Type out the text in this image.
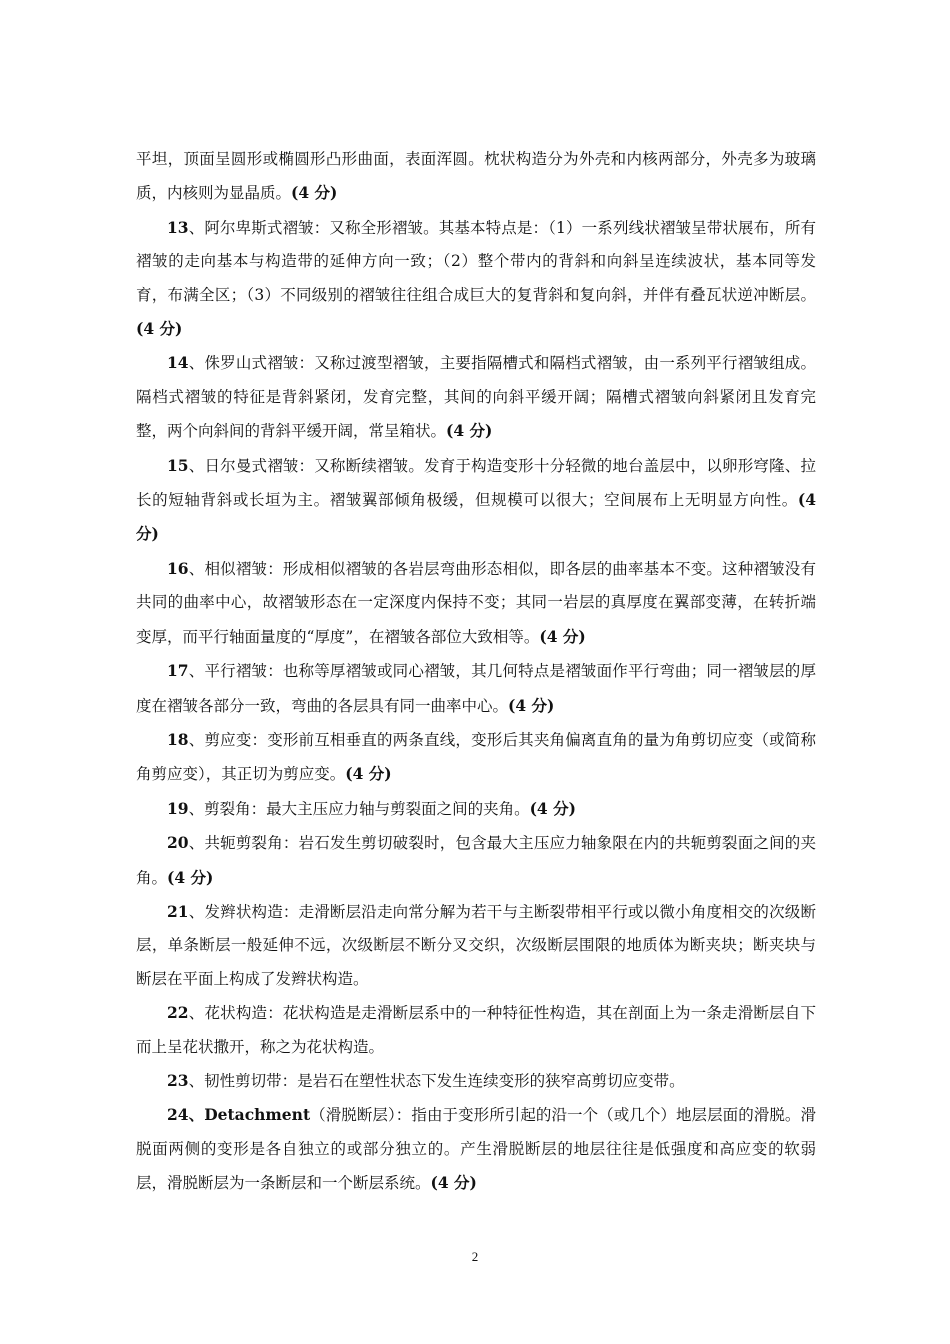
平坦，顶面呈圆形或椭圆形凸形曲面，表面浑圆。枕状构造分为外壳和内核两部分，外壳多为玻璃质，内核则为显晶质。(4 分)

13、阿尔卑斯式褶皱：又称全形褶皱。其基本特点是：（1）一系列线状褶皱呈带状展布，所有褶皱的走向基本与构造带的延伸方向一致；（2）整个带内的背斜和向斜呈连续波状，基本同等发育，布满全区；（3）不同级别的褶皱往往组合成巨大的复背斜和复向斜，并伴有叠瓦状逆冲断层。(4 分)

14、侏罗山式褶皱：又称过渡型褶皱，主要指隔槽式和隔档式褶皱，由一系列平行褶皱组成。隔档式褶皱的特征是背斜紧闭，发育完整，其间的向斜平缓开阔；隔槽式褶皱向斜紧闭且发育完整，两个向斜间的背斜平缓开阔，常呈箱状。(4 分)

15、日尔曼式褶皱：又称断续褶皱。发育于构造变形十分轻微的地台盖层中，以卵形穹隆、拉长的短轴背斜或长垣为主。褶皱翼部倾角极缓，但规模可以很大；空间展布上无明显方向性。(4 分)

16、相似褶皱：形成相似褶皱的各岩层弯曲形态相似，即各层的曲率基本不变。这种褶皱没有共同的曲率中心，故褶皱形态在一定深度内保持不变；其同一岩层的真厚度在翼部变薄，在转折端变厚，而平行轴面量度的“厚度”，在褶皱各部位大致相等。(4 分)

17、平行褶皱：也称等厚褶皱或同心褶皱，其几何特点是褶皱面作平行弯曲；同一褶皱层的厚度在褶皱各部分一致，弯曲的各层具有同一曲率中心。(4 分)

18、剪应变：变形前互相垂直的两条直线，变形后其夹角偏离直角的量为角剪切应变（或简称角剪应变），其正切为剪应变。(4 分)

19、剪裂角：最大主压应力轴与剪裂面之间的夹角。(4 分)

20、共轭剪裂角：岩石发生剪切破裂时，包含最大主压应力轴象限在内的共轭剪裂面之间的夹角。(4 分)

21、发辫状构造：走滑断层沿走向常分解为若干与主断裂带相平行或以微小角度相交的次级断层，单条断层一般延伸不远，次级断层不断分叉交织，次级断层围限的地质体为断夹块；断夹块与断层在平面上构成了发辫状构造。

22、花状构造：花状构造是走滑断层系中的一种特征性构造，其在剖面上为一条走滑断层自下而上呈花状撒开，称之为花状构造。

23、韧性剪切带：是岩石在塑性状态下发生连续变形的狭窄高剪切应变带。

24、Detachment（滑脱断层）：指由于变形所引起的沿一个（或几个）地层层面的滑脱。滑脱面两侧的变形是各自独立的或部分独立的。产生滑脱断层的地层往往是低强度和高应变的软弱层，滑脱断层为一条断层和一个断层系统。(4 分)

2
